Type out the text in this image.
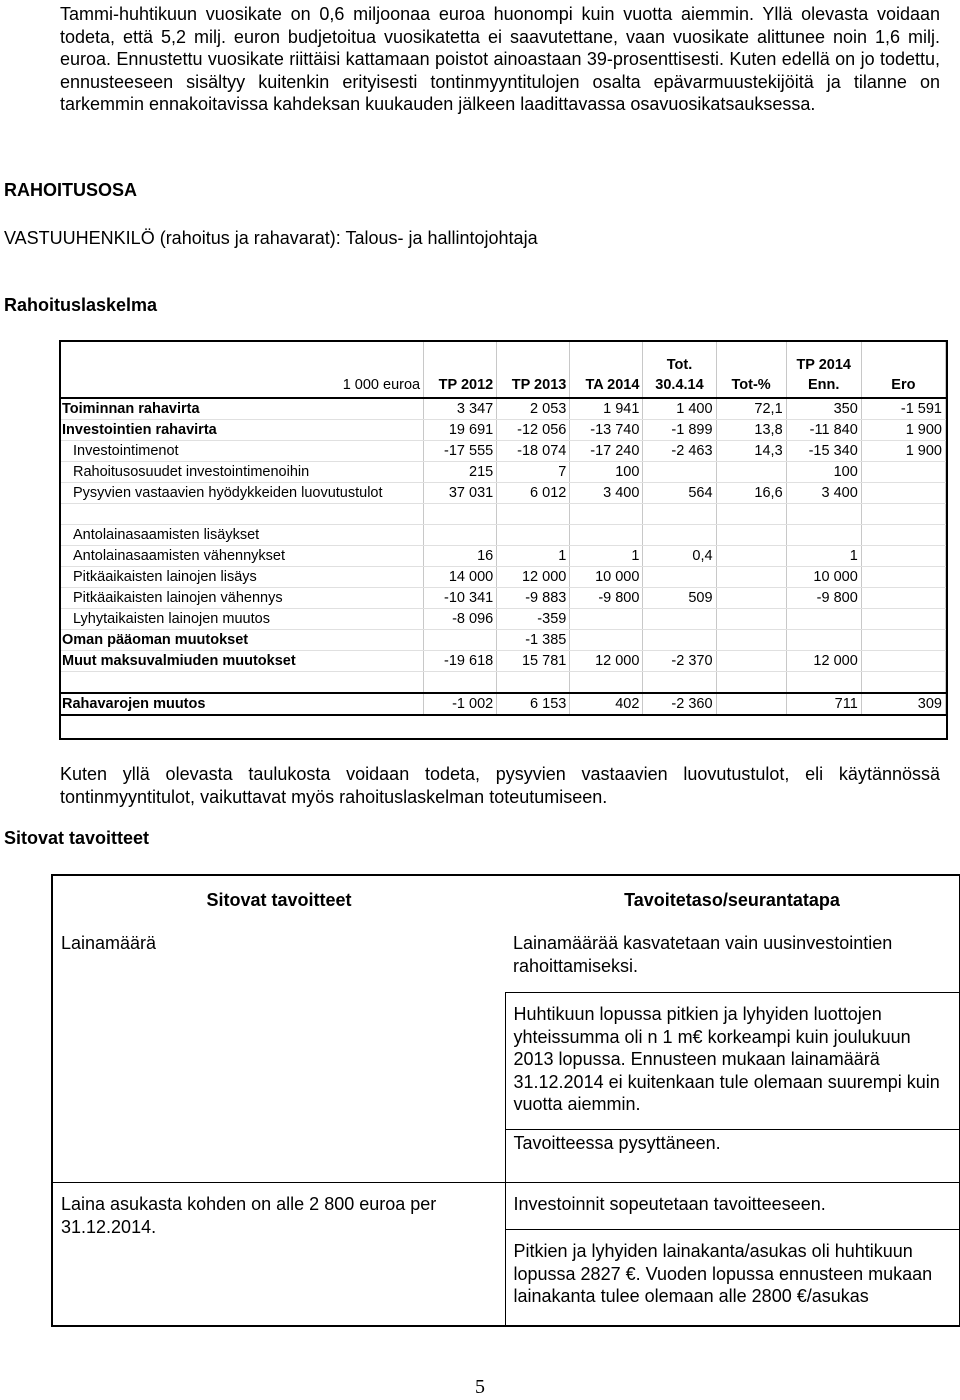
Tammi-huhtikuun vuosikate on 0,6 miljoonaa euroa huonompi kuin vuotta aiemmin. Yllä olevasta voidaan todeta, että 5,2 milj. euron budjetoitua vuosikatetta ei saavutettane, vaan vuosikate alittunee noin 1,6 milj. euroa. Ennustettu vuosikate riittäisi kattamaan poistot ainoastaan 39-prosenttisesti. Kuten edellä on jo todettu, ennusteeseen sisältyy kuitenkin erityisesti tontinmyyntitulojen osalta epävarmuustekijöitä ja tilanne on tarkemmin ennakoitavissa kahdeksan kuukauden jälkeen laadittavassa osavuosikatsauksessa.

RAHOITUSOSA

VASTUUHENKILÖ (rahoitus ja rahavarat): Talous- ja hallintojohtaja

Rahoituslaskelma

1 000 euroa	TP 2012	TP 2013	TA 2014	Tot. 30.4.14	Tot-%	TP 2014 Enn.	Ero
Toiminnan rahavirta	3 347	2 053	1 941	1 400	72,1	350	-1 591
Investointien rahavirta	19 691	-12 056	-13 740	-1 899	13,8	-11 840	1 900
Investointimenot	-17 555	-18 074	-17 240	-2 463	14,3	-15 340	1 900
Rahoitusosuudet investointimenoihin	215	7	100			100	
Pysyvien vastaavien hyödykkeiden luovutustulot	37 031	6 012	3 400	564	16,6	3 400	

Antolainasaamisten lisäykset							
Antolainasaamisten vähennykset	16	1	1	0,4		1	
Pitkäaikaisten lainojen lisäys	14 000	12 000	10 000			10 000	
Pitkäaikaisten lainojen vähennys	-10 341	-9 883	-9 800	509		-9 800	
Lyhytaikaisten lainojen muutos	-8 096	-359					
Oman pääoman muutokset		-1 385					
Muut maksuvalmiuden muutokset	-19 618	15 781	12 000	-2 370		12 000	

Rahavarojen muutos	-1 002	6 153	402	-2 360		711	309

Kuten yllä olevasta taulukosta voidaan todeta, pysyvien vastaavien luovutustulot, eli käytännössä tontinmyyntitulot, vaikuttavat myös rahoituslaskelman toteutumiseen.

Sitovat tavoitteet

Sitovat tavoitteet	Tavoitetaso/seurantatapa
Lainamäärä	Lainamäärää kasvatetaan vain uusinvestointien rahoittamiseksi.
	Huhtikuun lopussa pitkien ja lyhyiden luottojen yhteissumma oli n 1 m€ korkeampi kuin joulukuun 2013 lopussa. Ennusteen mukaan lainamäärä 31.12.2014 ei kuitenkaan tule olemaan suurempi kuin vuotta aiemmin.
	Tavoitteessa pysyttäneen.
Laina asukasta kohden on alle 2 800 euroa per 31.12.2014.	Investoinnit sopeutetaan tavoitteeseen.
	Pitkien ja lyhyiden lainakanta/asukas oli huhtikuun lopussa 2827 €. Vuoden lopussa ennusteen mukaan lainakanta tulee olemaan alle 2800 €/asukas
5
